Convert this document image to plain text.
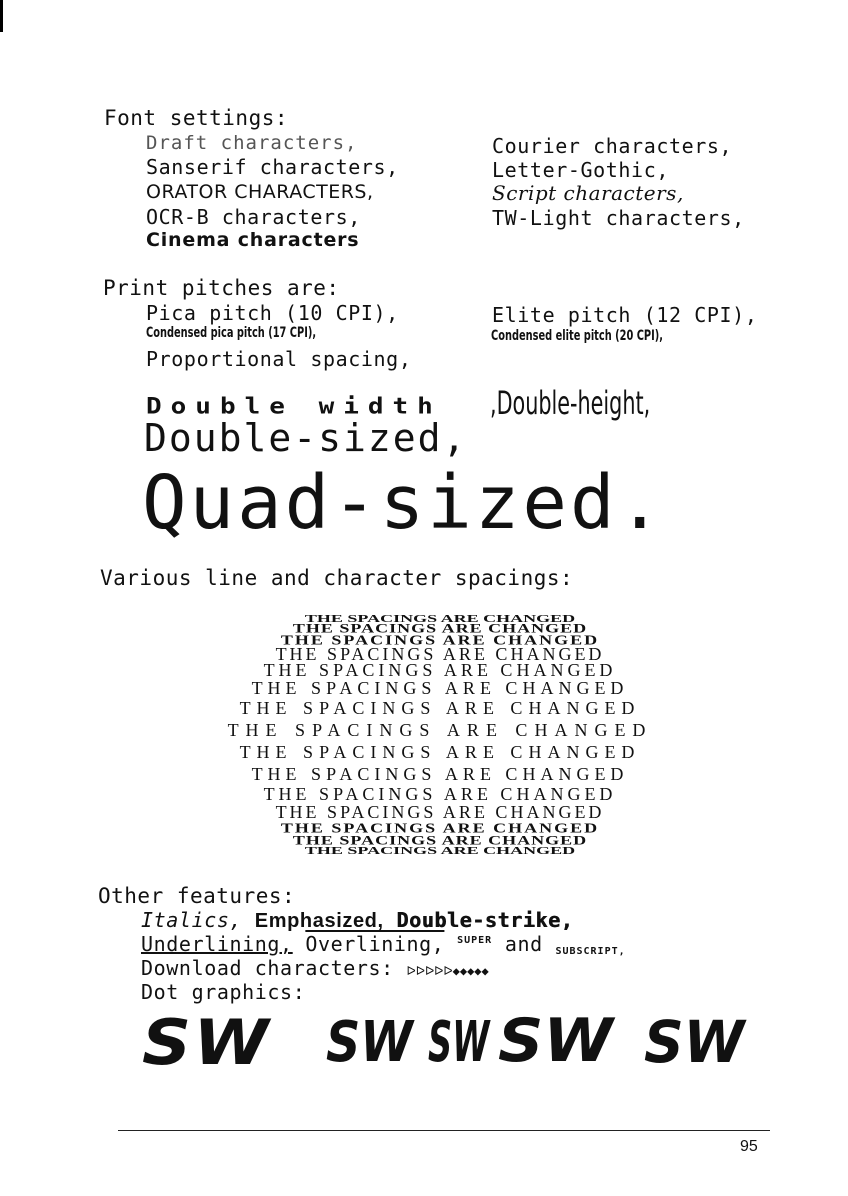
Font settings:
Draft characters,
Sanserif characters,
ORATOR CHARACTERS,
OCR-B characters,
Cinema characters
Courier characters,
Letter-Gothic,
Script characters,
TW-Light characters,
Print pitches are:
Pica pitch (10 CPI),	Elite pitch (12 CPI),
Condensed pica pitch (17 CPI),	Condensed elite pitch (20 CPI),
Proportional spacing,
Double width ,Double-height,
Double-sized,
Quad-sized.
Various line and character spacings:
THE SPACINGS ARE CHANGED
THE SPACINGS ARE CHANGED
THE SPACINGS ARE CHANGED
THE SPACINGS ARE CHANGED
THE SPACINGS ARE CHANGED
THE SPACINGS ARE CHANGED
THE SPACINGS ARE CHANGED
THE SPACINGS ARE CHANGED
THE SPACINGS ARE CHANGED
THE SPACINGS ARE CHANGED
THE SPACINGS ARE CHANGED
THE SPACINGS ARE CHANGED
THE SPACINGS ARE CHANGED
THE SPACINGS ARE CHANGED
THE SPACINGS ARE CHANGED
Other features:
Italics, Emphasized, Double-strike,
Underlining, Overlining, $^{SUPER}$ and $_{SUBSCRIPT,}$
Download characters: ᐅᐅᐅᐅᐅ◆◆◆◆◆
Dot graphics:
SW SW SW SW SW
95
